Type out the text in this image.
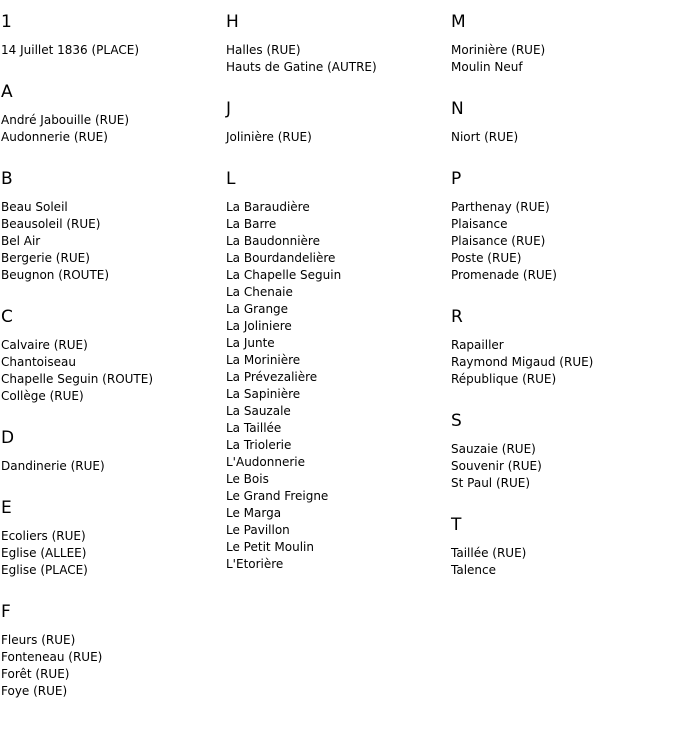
1
14 Juillet 1836 (PLACE)
A
André Jabouille (RUE)
Audonnerie (RUE)
B
Beau Soleil
Beausoleil (RUE)
Bel Air
Bergerie (RUE)
Beugnon (ROUTE)
C
Calvaire (RUE)
Chantoiseau
Chapelle Seguin (ROUTE)
Collège (RUE)
D
Dandinerie (RUE)
E
Ecoliers (RUE)
Eglise (ALLEE)
Eglise (PLACE)
F
Fleurs (RUE)
Fonteneau (RUE)
Forêt (RUE)
Foye (RUE)
H
Halles (RUE)
Hauts de Gatine (AUTRE)
J
Jolinière (RUE)
L
La Baraudière
La Barre
La Baudonnière
La Bourdandelière
La Chapelle Seguin
La Chenaie
La Grange
La Joliniere
La Junte
La Morinière
La Prévezalière
La Sapinière
La Sauzale
La Taillée
La Triolerie
L'Audonnerie
Le Bois
Le Grand Freigne
Le Marga
Le Pavillon
Le Petit Moulin
L'Etorière
M
Morinière (RUE)
Moulin Neuf
N
Niort (RUE)
P
Parthenay (RUE)
Plaisance
Plaisance (RUE)
Poste (RUE)
Promenade (RUE)
R
Rapailler
Raymond Migaud (RUE)
République (RUE)
S
Sauzaie (RUE)
Souvenir (RUE)
St Paul (RUE)
T
Taillée (RUE)
Talence
